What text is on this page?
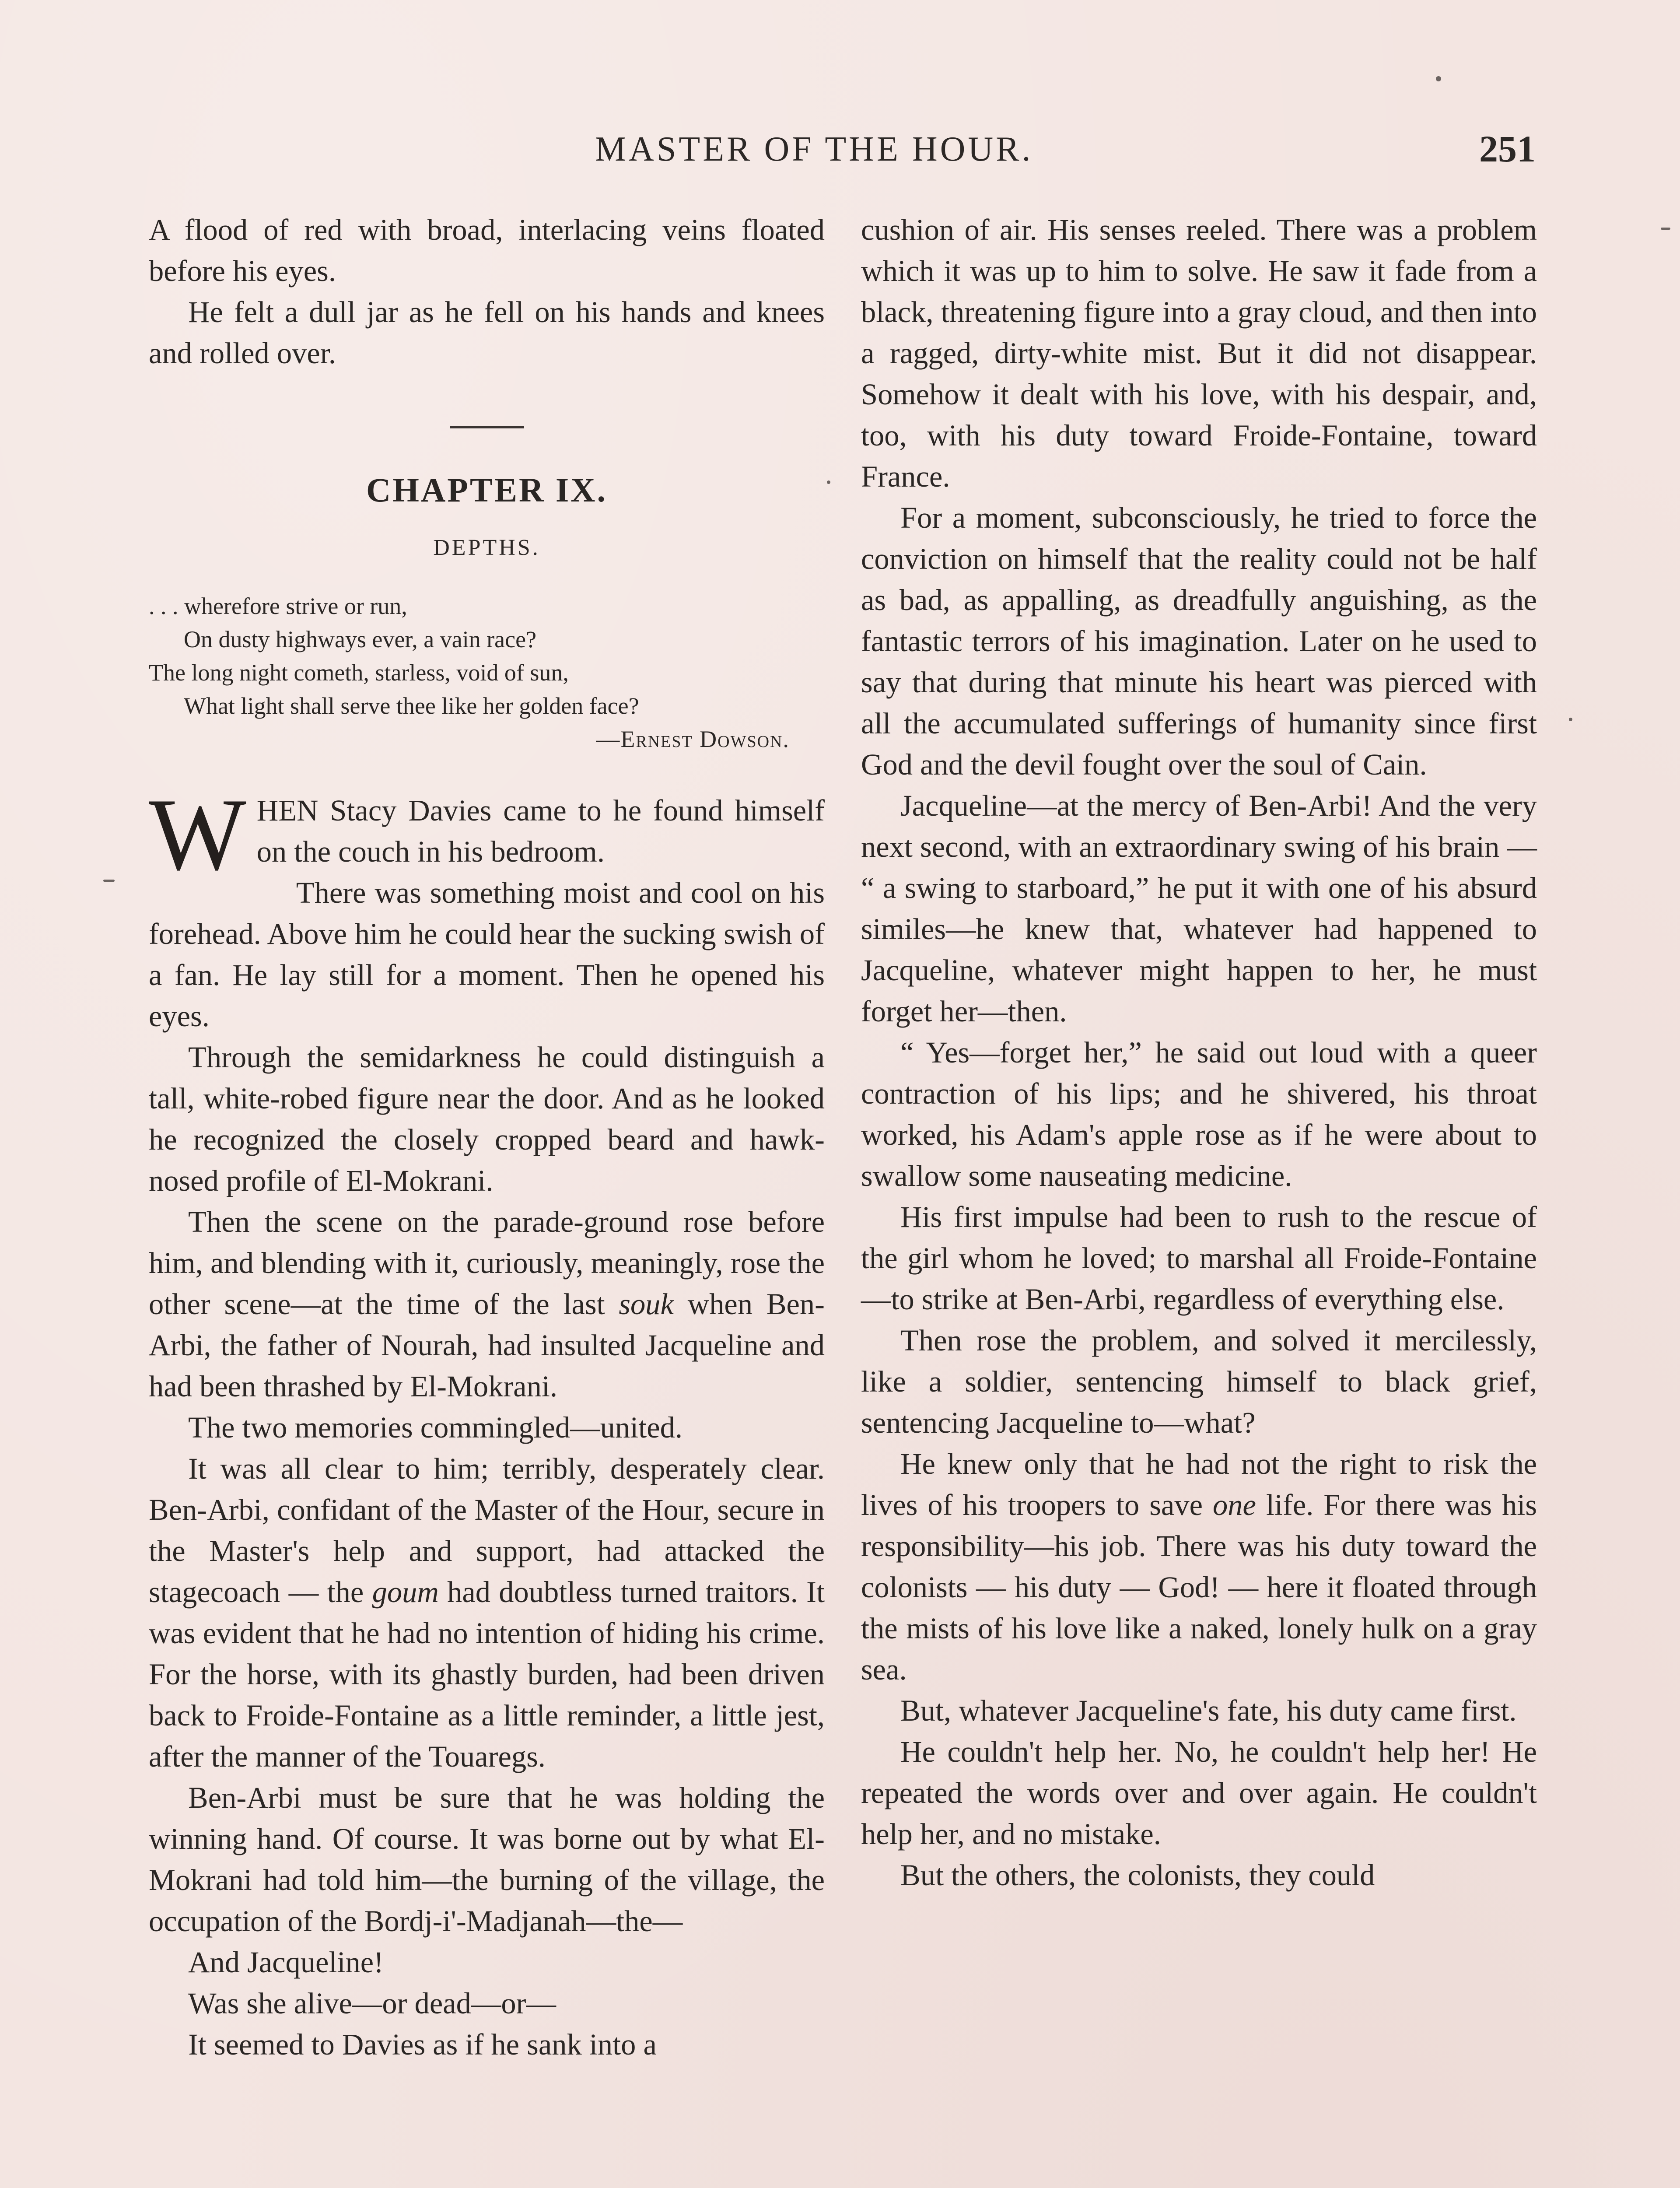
MASTER OF THE HOUR.	251

A flood of red with broad, interlacing veins floated before his eyes.

He felt a dull jar as he fell on his hands and knees and rolled over.

CHAPTER IX.
DEPTHS.
. . . wherefore strive or run,
On dusty highways ever, a vain race?
The long night cometh, starless, void of sun,
What light shall serve thee like her golden face?
—Ernest Dowson.

WHEN Stacy Davies came to he found himself on the couch in his bedroom.

There was something moist and cool on his forehead. Above him he could hear the sucking swish of a fan. He lay still for a moment. Then he opened his eyes.

Through the semidarkness he could distinguish a tall, white-robed figure near the door. And as he looked he recognized the closely cropped beard and hawk-nosed profile of El-Mokrani.

Then the scene on the parade-ground rose before him, and blending with it, curiously, meaningly, rose the other scene—at the time of the last souk when Ben-Arbi, the father of Nourah, had insulted Jacqueline and had been thrashed by El-Mokrani.

The two memories commingled—united.

It was all clear to him; terribly, desperately clear. Ben-Arbi, confidant of the Master of the Hour, secure in the Master's help and support, had attacked the stagecoach — the goum had doubtless turned traitors. It was evident that he had no intention of hiding his crime. For the horse, with its ghastly burden, had been driven back to Froide-Fontaine as a little reminder, a little jest, after the manner of the Touaregs.

Ben-Arbi must be sure that he was holding the winning hand. Of course. It was borne out by what El-Mokrani had told him—the burning of the village, the occupation of the Bordj-i'-Madjanah—the—

And Jacqueline!

Was she alive—or dead—or—

It seemed to Davies as if he sank into a

cushion of air. His senses reeled. There was a problem which it was up to him to solve. He saw it fade from a black, threatening figure into a gray cloud, and then into a ragged, dirty-white mist. But it did not disappear. Somehow it dealt with his love, with his despair, and, too, with his duty toward Froide-Fontaine, toward France.

For a moment, subconsciously, he tried to force the conviction on himself that the reality could not be half as bad, as appalling, as dreadfully anguishing, as the fantastic terrors of his imagination. Later on he used to say that during that minute his heart was pierced with all the accumulated sufferings of humanity since first God and the devil fought over the soul of Cain.

Jacqueline—at the mercy of Ben-Arbi! And the very next second, with an extraordinary swing of his brain — “ a swing to starboard,” he put it with one of his absurd similes—he knew that, whatever had happened to Jacqueline, whatever might happen to her, he must forget her—then.

“ Yes—forget her,” he said out loud with a queer contraction of his lips; and he shivered, his throat worked, his Adam's apple rose as if he were about to swallow some nauseating medicine.

His first impulse had been to rush to the rescue of the girl whom he loved; to marshal all Froide-Fontaine—to strike at Ben-Arbi, regardless of everything else.

Then rose the problem, and solved it mercilessly, like a soldier, sentencing himself to black grief, sentencing Jacqueline to—what?

He knew only that he had not the right to risk the lives of his troopers to save one life. For there was his responsibility—his job. There was his duty toward the colonists — his duty — God! — here it floated through the mists of his love like a naked, lonely hulk on a gray sea.

But, whatever Jacqueline's fate, his duty came first.

He couldn't help her. No, he couldn't help her! He repeated the words over and over again. He couldn't help her, and no mistake.

But the others, the colonists, they could
